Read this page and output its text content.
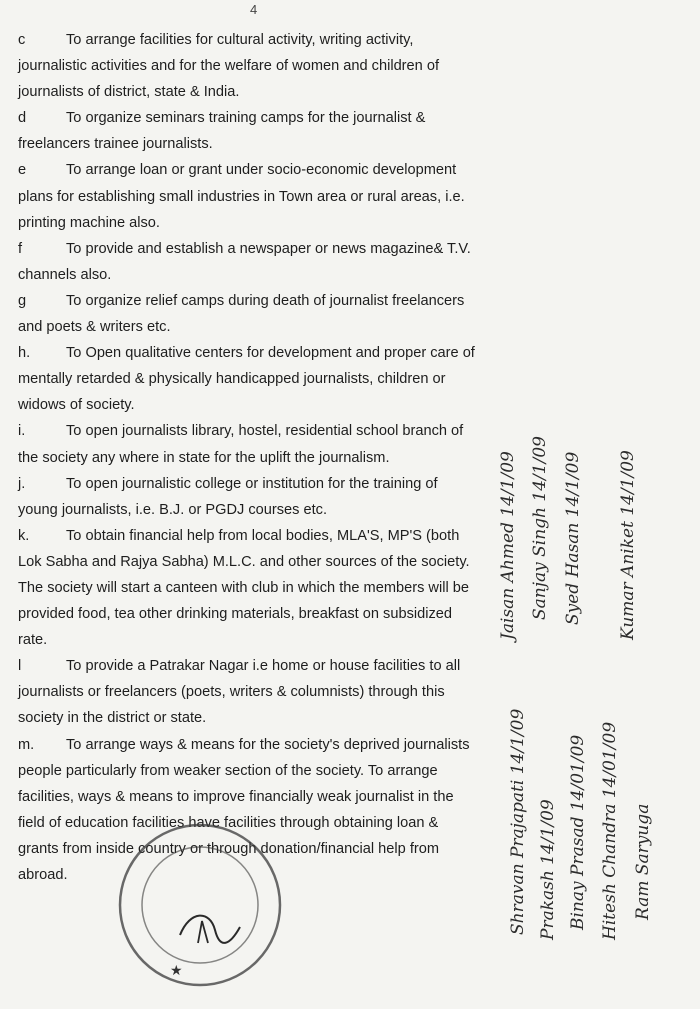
4
c	To arrange facilities for cultural activity, writing activity, journalistic activities and for the welfare of women and children of journalists of district, state & India.
d	To organize seminars training camps for the journalist & freelancers trainee journalists.
e	To arrange loan or grant under socio-economic development plans for establishing small industries in Town area or rural areas, i.e. printing machine also.
f	To provide and establish a newspaper or news magazine& T.V. channels also.
g	To organize relief camps during death of journalist freelancers and poets & writers etc.
h. To Open qualitative centers for development and proper care of mentally retarded & physically handicapped journalists, children or widows of society.
i.	To open journalists library, hostel, residential school branch of the society any where in state for the uplift the journalism.
j.	To open journalistic college or institution for the training of young journalists, i.e. B.J. or PGDJ courses etc.
k.	To obtain financial help from local bodies, MLA'S, MP'S (both Lok Sabha and Rajya Sabha) M.L.C. and other sources of the society. The society will start a canteen with club in which the members will be provided food, tea other drinking materials, breakfast on subsidized rate.
l	To provide a Patrakar Nagar i.e home or house facilities to all journalists or freelancers (poets, writers & columnists) through this society in the district or state.
m. To arrange ways & means for the society's deprived journalists people particularly from weaker section of the society. To arrange facilities, ways & means to improve financially weak journalist in the field of education facilities have facilities through obtaining loan & grants from inside country or through donation/financial help from abroad.
Jaisan Ahmed 14/1/09 Sanjay Singh 14/1/09 Syed Hasan 14/1/09 Kumar Aniket 14/1/09
Shravan Prajapati 14/1/09 Prakash 14/1/09 Binay Prasad 14/01/09 Hitesh Chandra 14/01/09 Ram Saryuga
★
